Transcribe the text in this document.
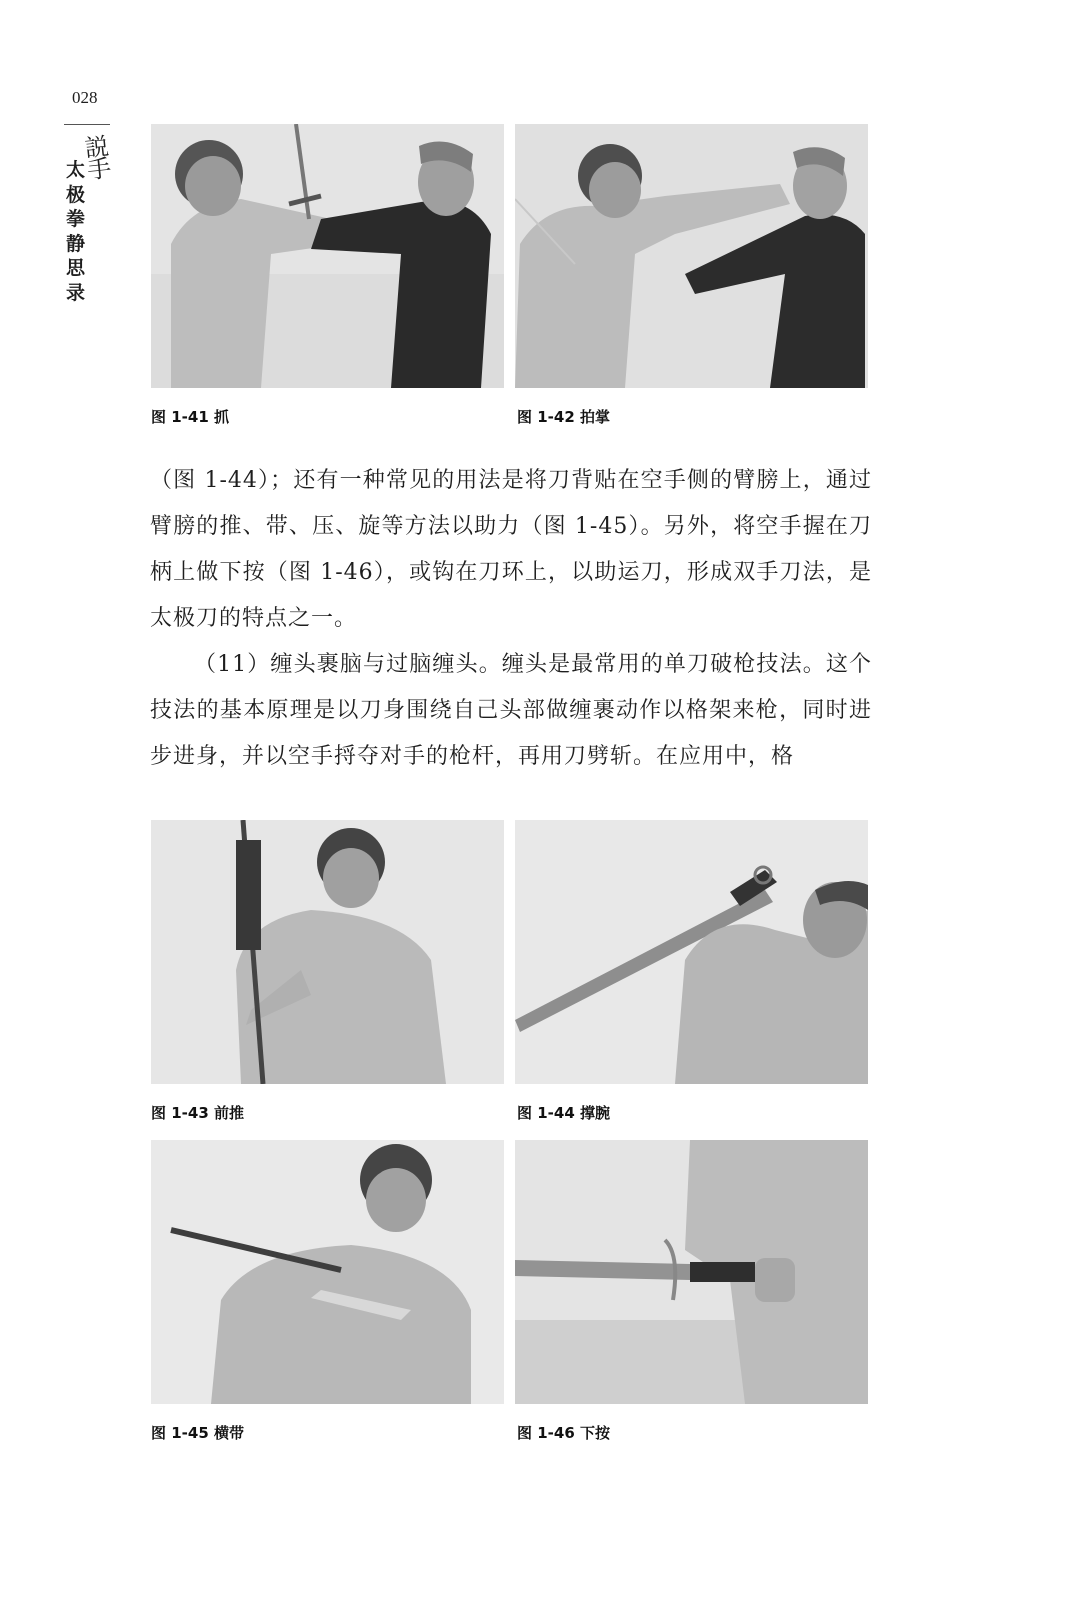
028
説手
太极拳静思录
图 1-41 抓	图 1-42 拍掌

（图 1-44）；还有一种常见的用法是将刀背贴在空手侧的臂膀上，通过臂膀的推、带、压、旋等方法以助力（图 1-45）。另外，将空手握在刀柄上做下按（图 1-46），或钩在刀环上，以助运刀，形成双手刀法，是太极刀的特点之一。

（11）缠头裹脑与过脑缠头。缠头是最常用的单刀破枪技法。这个技法的基本原理是以刀身围绕自己头部做缠裹动作以格架来枪，同时进步进身，并以空手捋夺对手的枪杆，再用刀劈斩。在应用中，格

图 1-43 前推	图 1-44 撑腕
图 1-45 横带	图 1-46 下按
